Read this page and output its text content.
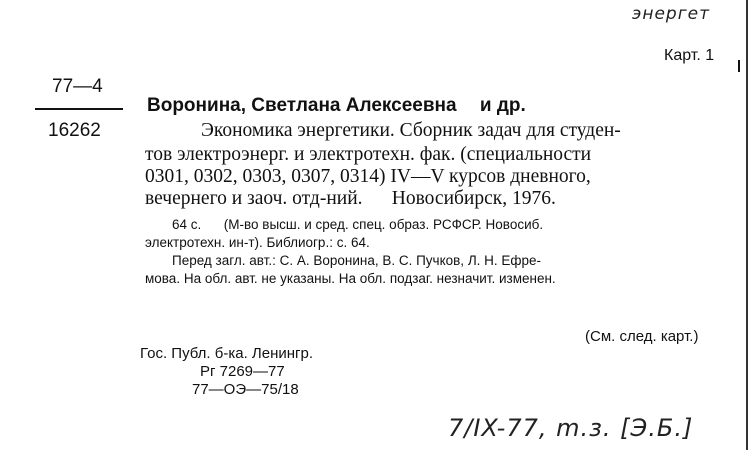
энергет
Карт. 1
77—4
16262
Воронина, Светлана Алексеевна и др.
Экономика энергетики. Сборник задач для студен-
тов электроэнерг. и электротехн. фак. (специальности
0301, 0302, 0303, 0307, 0314) IV—V курсов дневного,
вечернего и заоч. отд-ний.      Новосибирск, 1976.
64 с.      (М-во высш. и сред. спец. образ. РСФСР. Новосиб.
электротехн. ин-т). Библиогр.: с. 64.
Перед загл. авт.: С. А. Воронина, В. С. Пучков, Л. Н. Ефре-
мова. На обл. авт. не указаны. На обл. подзаг. незначит. изменен.
(См. след. карт.)
Гос. Публ. б-ка. Ленингр.
Рг 7269—77
77—ОЭ—75/18
7/IX-77, m.з. [Э.Б.]
